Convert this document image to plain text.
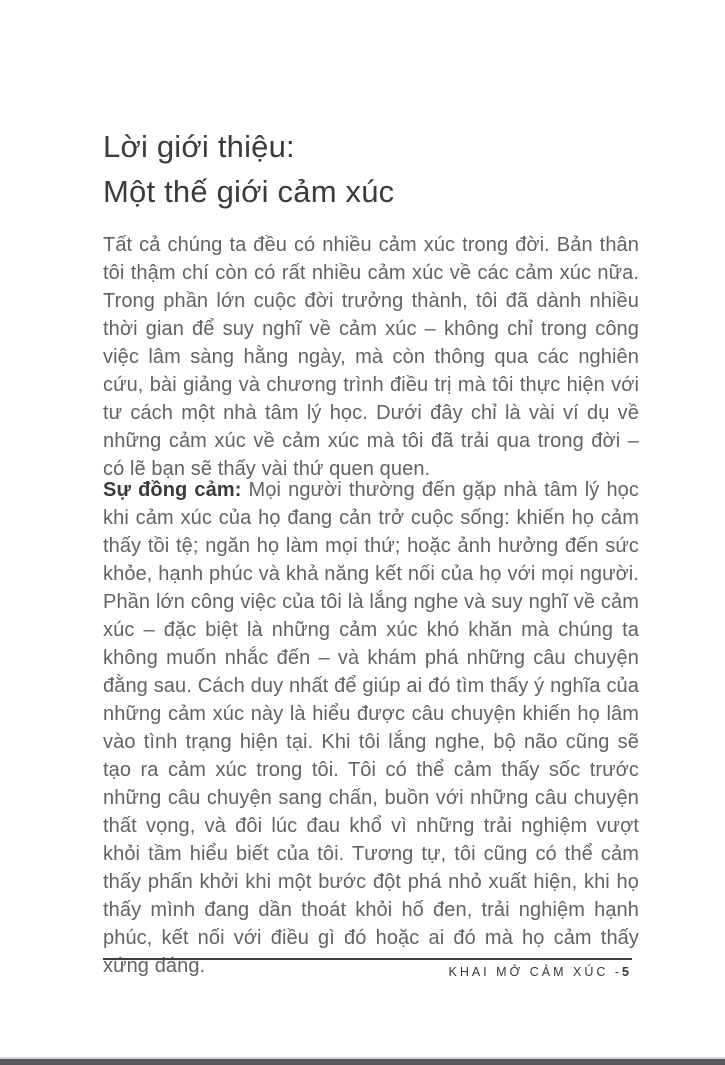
Lời giới thiệu:
Một thế giới cảm xúc

Tất cả chúng ta đều có nhiều cảm xúc trong đời. Bản thân tôi thậm chí còn có rất nhiều cảm xúc về các cảm xúc nữa. Trong phần lớn cuộc đời trưởng thành, tôi đã dành nhiều thời gian để suy nghĩ về cảm xúc – không chỉ trong công việc lâm sàng hằng ngày, mà còn thông qua các nghiên cứu, bài giảng và chương trình điều trị mà tôi thực hiện với tư cách một nhà tâm lý học. Dưới đây chỉ là vài ví dụ về những cảm xúc về cảm xúc mà tôi đã trải qua trong đời – có lẽ bạn sẽ thấy vài thứ quen quen.

Sự đồng cảm: Mọi người thường đến gặp nhà tâm lý học khi cảm xúc của họ đang cản trở cuộc sống: khiến họ cảm thấy tồi tệ; ngăn họ làm mọi thứ; hoặc ảnh hưởng đến sức khỏe, hạnh phúc và khả năng kết nối của họ với mọi người. Phần lớn công việc của tôi là lắng nghe và suy nghĩ về cảm xúc – đặc biệt là những cảm xúc khó khăn mà chúng ta không muốn nhắc đến – và khám phá những câu chuyện đằng sau. Cách duy nhất để giúp ai đó tìm thấy ý nghĩa của những cảm xúc này là hiểu được câu chuyện khiến họ lâm vào tình trạng hiện tại. Khi tôi lắng nghe, bộ não cũng sẽ tạo ra cảm xúc trong tôi. Tôi có thể cảm thấy sốc trước những câu chuyện sang chấn, buồn với những câu chuyện thất vọng, và đôi lúc đau khổ vì những trải nghiệm vượt khỏi tầm hiểu biết của tôi. Tương tự, tôi cũng có thể cảm thấy phấn khởi khi một bước đột phá nhỏ xuất hiện, khi họ thấy mình đang dần thoát khỏi hố đen, trải nghiệm hạnh phúc, kết nối với điều gì đó hoặc ai đó mà họ cảm thấy xứng đáng.	KHAI MỞ CẢM XÚC -5
